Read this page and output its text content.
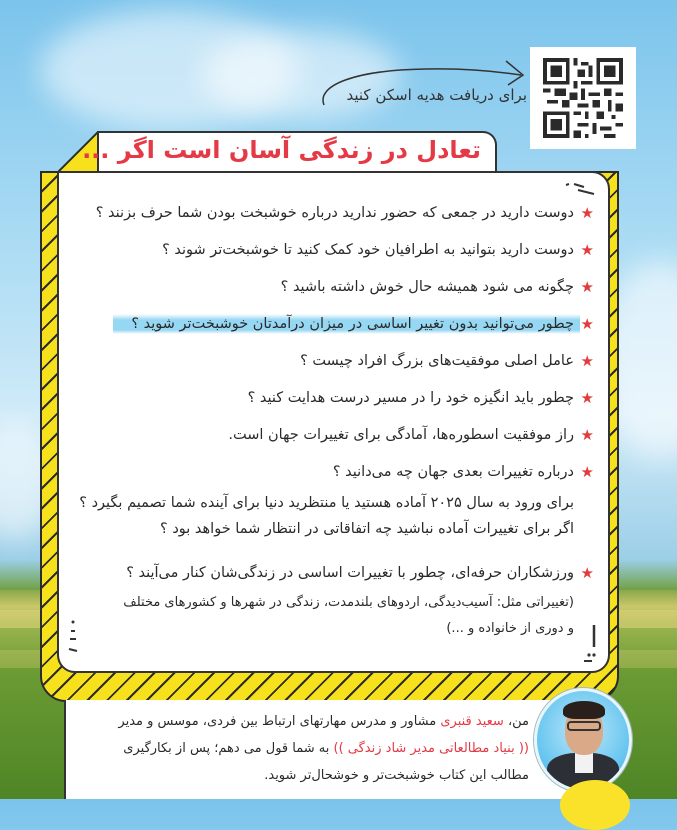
برای دریافت هدیه اسکن کنید
تعادل در زندگی آسان است اگر ...
★
دوست دارید در جمعی که حضور ندارید درباره خوشبخت بودن شما حرف بزنند ؟
★
دوست دارید بتوانید به اطرافیان خود کمک کنید تا خوشبخت‌تر شوند ؟
★
چگونه می شود همیشه حال خوش داشته باشید ؟
★
چطور می‌توانید بدون تغییر اساسی در میزان درآمدتان خوشبخت‌تر شوید ؟
★
عامل اصلی موفقیت‌های بزرگ افراد چیست ؟
★
چطور باید انگیزه خود را در مسیر درست هدایت کنید ؟
★
راز موفقیت اسطوره‌ها، آمادگی برای تغییرات جهان است.
★
درباره تغییرات بعدی جهان چه می‌دانید ؟
برای ورود به سال ۲۰۲۵ آماده هستید یا منتظرید دنیا برای آینده شما تصمیم بگیرد ؟
اگر برای تغییرات آماده نباشید چه اتفاقاتی در انتظار شما خواهد بود ؟
★
ورزشکاران حرفه‌ای، چطور با تغییرات اساسی در زندگی‌شان کنار می‌آیند ؟
(تغییراتی مثل: آسیب‌دیدگی، اردوهای بلندمدت، زندگی در شهرها و کشورهای مختلف
و دوری از خانواده و ...)
من، سعید قنبری مشاور و مدرس مهارتهای ارتباط بین فردی، موسس و مدیر
(( بنیاد مطالعاتی مدیر شاد زندگی )) به شما قول می دهم؛ پس از بکارگیری
مطالب این کتاب خوشبخت‌تر و خوشحال‌تر شوید.
